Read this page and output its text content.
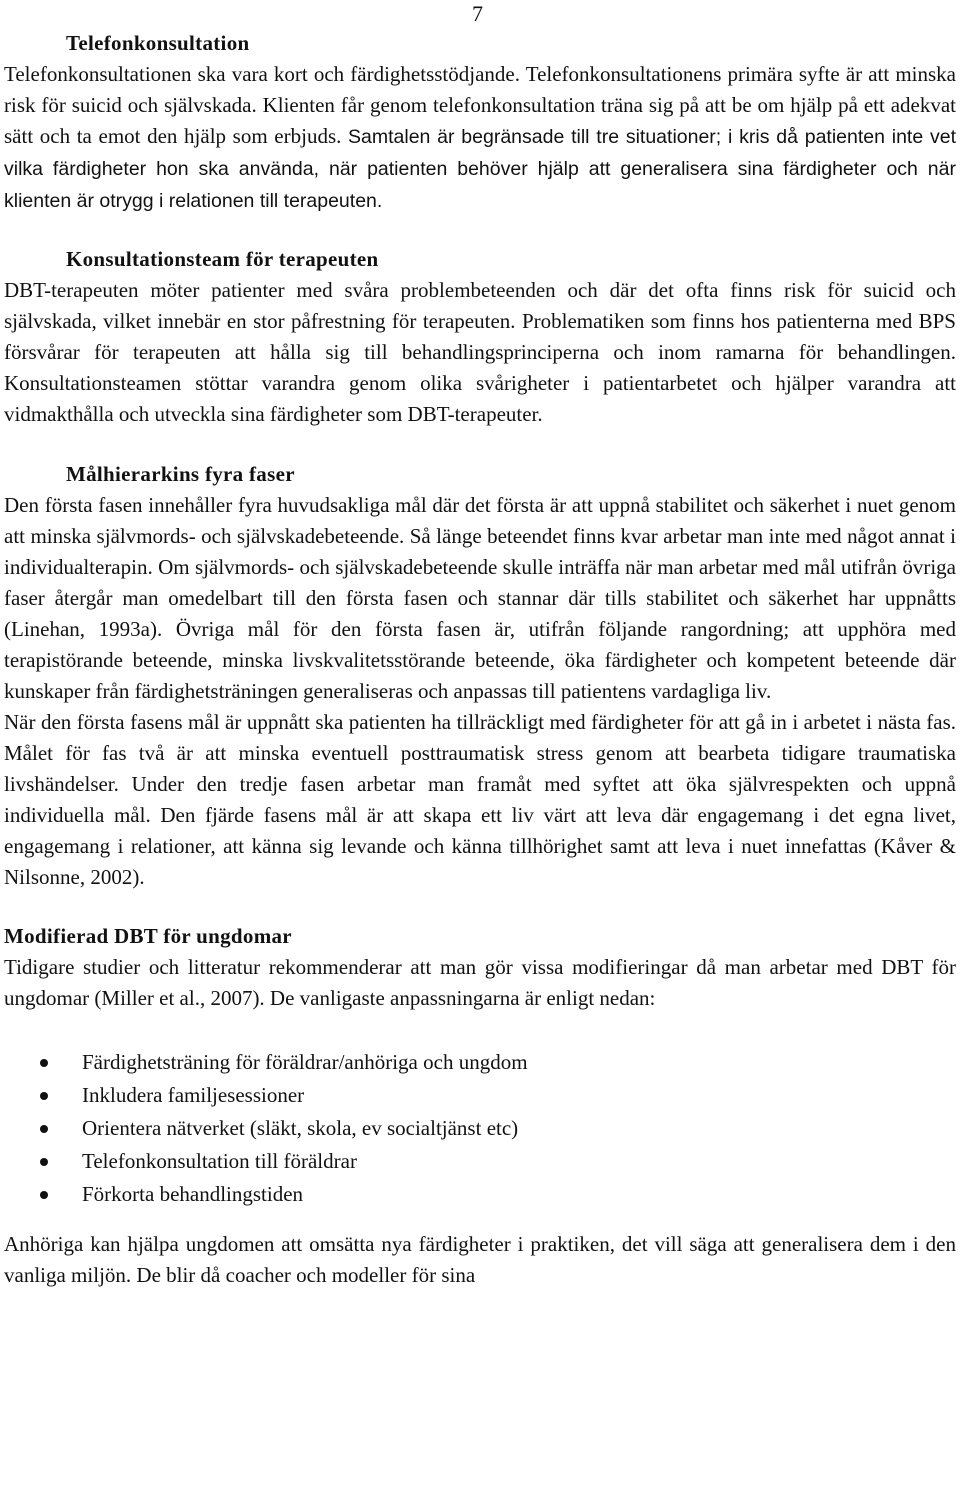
7
Telefonkonsultation

Telefonkonsultationen ska vara kort och färdighetsstödjande. Telefonkonsultationens primära syfte är att minska risk för suicid och självskada. Klienten får genom telefonkonsultation träna sig på att be om hjälp på ett adekvat sätt och ta emot den hjälp som erbjuds. Samtalen är begränsade till tre situationer; i kris då patienten inte vet vilka färdigheter hon ska använda, när patienten behöver hjälp att generalisera sina färdigheter och när klienten är otrygg i relationen till terapeuten.

Konsultationsteam för terapeuten

DBT-terapeuten möter patienter med svåra problembeteenden och där det ofta finns risk för suicid och självskada, vilket innebär en stor påfrestning för terapeuten. Problematiken som finns hos patienterna med BPS försvårar för terapeuten att hålla sig till behandlingsprinciperna och inom ramarna för behandlingen. Konsultationsteamen stöttar varandra genom olika svårigheter i patientarbetet och hjälper varandra att vidmakthålla och utveckla sina färdigheter som DBT-terapeuter.

Målhierarkins fyra faser

Den första fasen innehåller fyra huvudsakliga mål där det första är att uppnå stabilitet och säkerhet i nuet genom att minska självmords- och självskadebeteende. Så länge beteendet finns kvar arbetar man inte med något annat i individualterapin. Om självmords- och självskadebeteende skulle inträffa när man arbetar med mål utifrån övriga faser återgår man omedelbart till den första fasen och stannar där tills stabilitet och säkerhet har uppnåtts (Linehan, 1993a). Övriga mål för den första fasen är, utifrån följande rangordning; att upphöra med terapistörande beteende, minska livskvalitetsstörande beteende, öka färdigheter och kompetent beteende där kunskaper från färdighetsträningen generaliseras och anpassas till patientens vardagliga liv.

När den första fasens mål är uppnått ska patienten ha tillräckligt med färdigheter för att gå in i arbetet i nästa fas. Målet för fas två är att minska eventuell posttraumatisk stress genom att bearbeta tidigare traumatiska livshändelser. Under den tredje fasen arbetar man framåt med syftet att öka självrespekten och uppnå individuella mål. Den fjärde fasens mål är att skapa ett liv värt att leva där engagemang i det egna livet, engagemang i relationer, att känna sig levande och känna tillhörighet samt att leva i nuet innefattas (Kåver & Nilsonne, 2002).

Modifierad DBT för ungdomar

Tidigare studier och litteratur rekommenderar att man gör vissa modifieringar då man arbetar med DBT för ungdomar (Miller et al., 2007). De vanligaste anpassningarna är enligt nedan:

Färdighetsträning för föräldrar/anhöriga och ungdom
Inkludera familjesessioner
Orientera nätverket (släkt, skola, ev socialtjänst etc)
Telefonkonsultation till föräldrar
Förkorta behandlingstiden

Anhöriga kan hjälpa ungdomen att omsätta nya färdigheter i praktiken, det vill säga att generalisera dem i den vanliga miljön. De blir då coacher och modeller för sina
